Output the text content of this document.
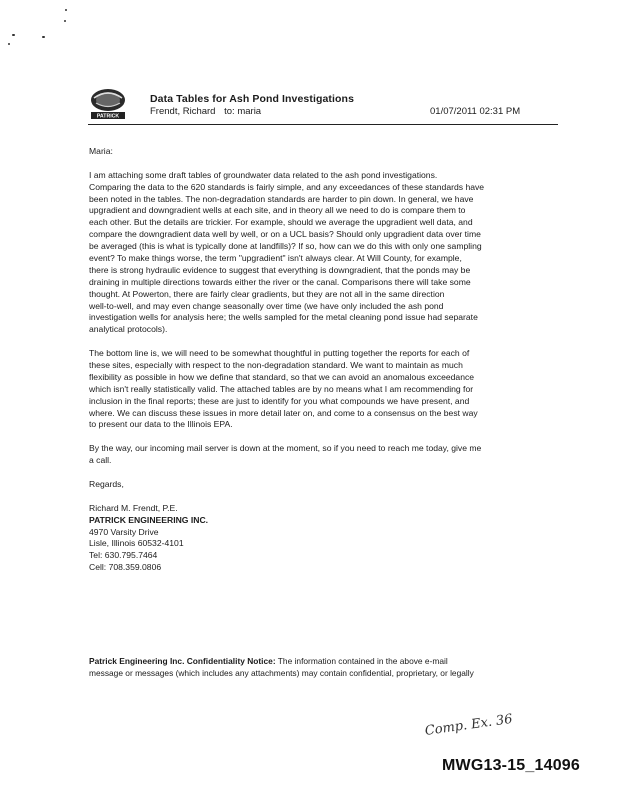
PATRICK
Data Tables for Ash Pond Investigations
Frendt, Richard to: maria	01/07/2011 02:31 PM
Maria:
I am attaching some draft tables of groundwater data related to the ash pond investigations.
Comparing the data to the 620 standards is fairly simple, and any exceedances of these standards have
been noted in the tables. The non-degradation standards are harder to pin down. In general, we have
upgradient and downgradient wells at each site, and in theory all we need to do is compare them to
each other. But the details are trickier. For example, should we average the upgradient well data, and
compare the downgradient data well by well, or on a UCL basis? Should only upgradient data over time
be averaged (this is what is typically done at landfills)? If so, how can we do this with only one sampling
event? To make things worse, the term "upgradient" isn't always clear. At Will County, for example,
there is strong hydraulic evidence to suggest that everything is downgradient, that the ponds may be
draining in multiple directions towards either the river or the canal. Comparisons there will take some
thought. At Powerton, there are fairly clear gradients, but they are not all in the same direction
well-to-well, and may even change seasonally over time (we have only included the ash pond
investigation wells for analysis here; the wells sampled for the metal cleaning pond issue had separate
analytical protocols).
The bottom line is, we will need to be somewhat thoughtful in putting together the reports for each of
these sites, especially with respect to the non-degradation standard. We want to maintain as much
flexibility as possible in how we define that standard, so that we can avoid an anomalous exceedance
which isn't really statistically valid. The attached tables are by no means what I am recommending for
inclusion in the final reports; these are just to identify for you what compounds we have present, and
where. We can discuss these issues in more detail later on, and come to a consensus on the best way
to present our data to the Illinois EPA.
By the way, our incoming mail server is down at the moment, so if you need to reach me today, give me
a call.
Regards,
Richard M. Frendt, P.E.
PATRICK ENGINEERING INC.
4970 Varsity Drive
Lisle, Illinois 60532-4101
Tel: 630.795.7464
Cell: 708.359.0806
Patrick Engineering Inc. Confidentiality Notice: The information contained in the above e-mail
message or messages (which includes any attachments) may contain confidential, proprietary, or legally
Comp. Ex. 36
MWG13-15_14096
